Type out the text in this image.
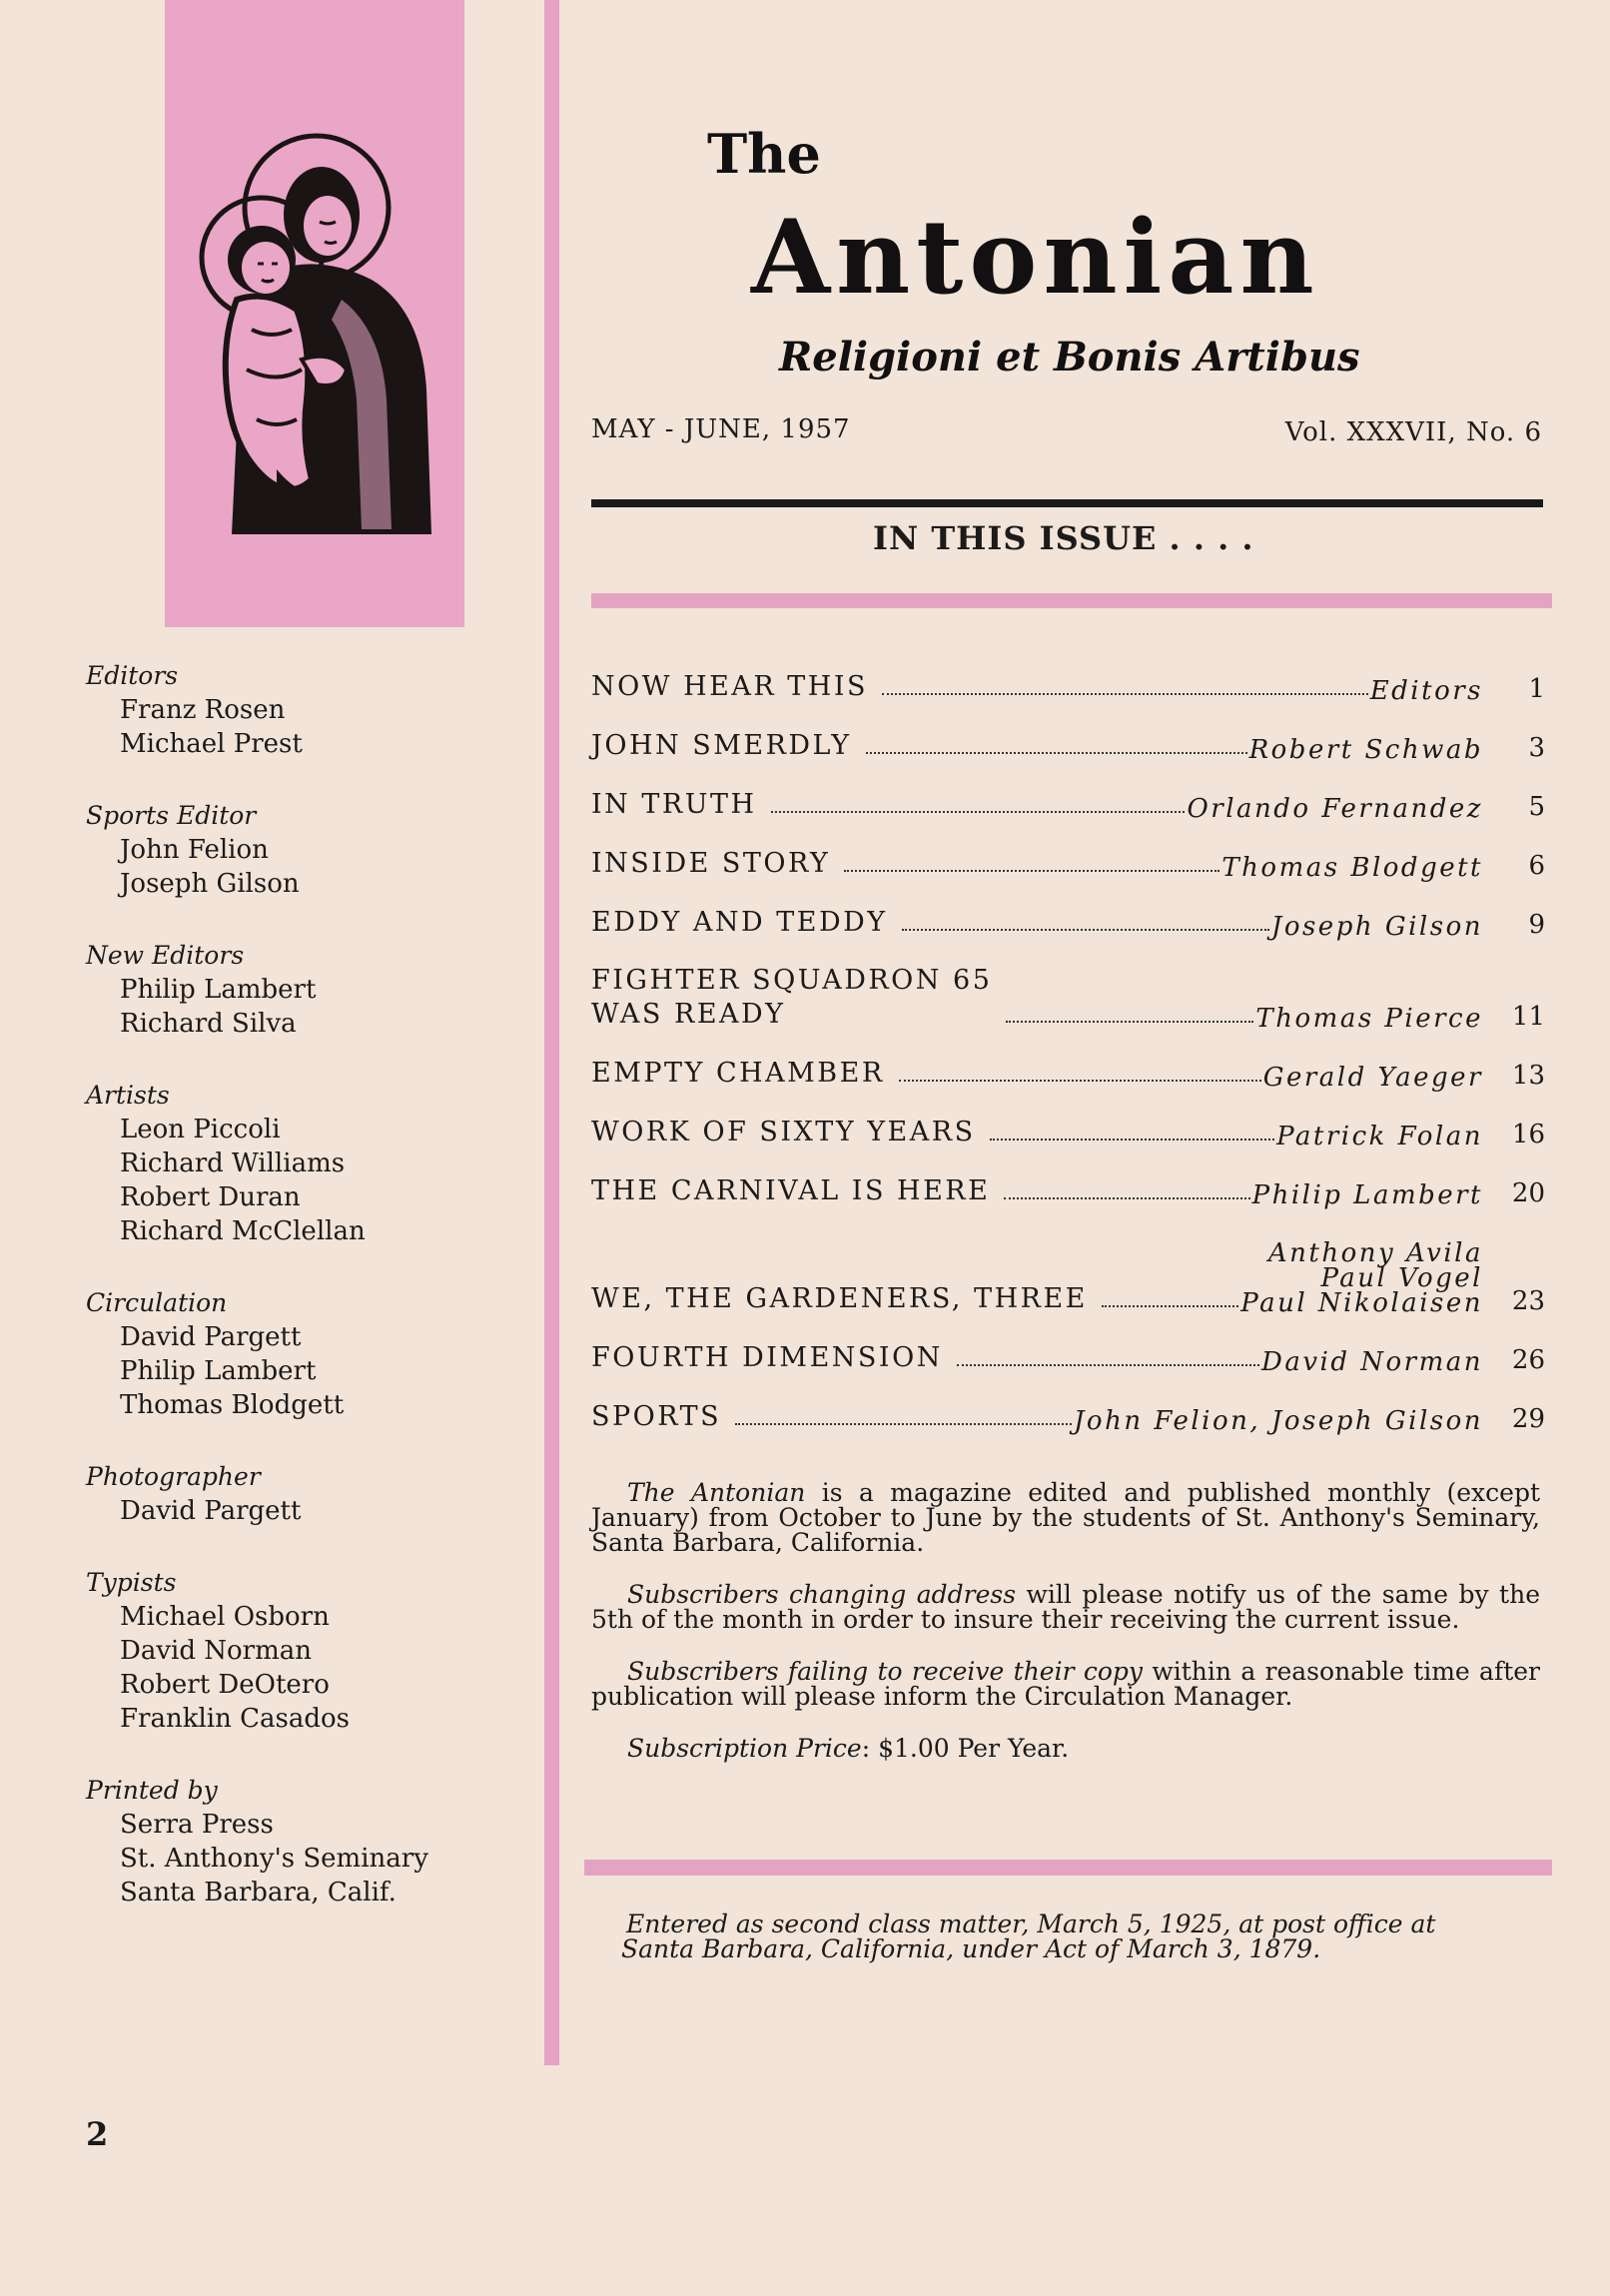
The
Antonian
Religioni et Bonis Artibus
MAY - JUNE, 1957	Vol. XXXVII, No. 6
IN THIS ISSUE . . . .
Editors
Franz Rosen
Michael Prest
Sports Editor
John Felion
Joseph Gilson
New Editors
Philip Lambert
Richard Silva
Artists
Leon Piccoli
Richard Williams
Robert Duran
Richard McClellan
Circulation
David Pargett
Philip Lambert
Thomas Blodgett
Photographer
David Pargett
Typists
Michael Osborn
David Norman
Robert DeOtero
Franklin Casados
Printed by
Serra Press
St. Anthony's Seminary
Santa Barbara, Calif.
NOW HEAR THIS	Editors	1
JOHN SMERDLY	Robert Schwab	3
IN TRUTH	Orlando Fernandez	5
INSIDE STORY	Thomas Blodgett	6
EDDY AND TEDDY	Joseph Gilson	9
FIGHTER SQUADRON 65
WAS READY	Thomas Pierce	11
EMPTY CHAMBER	Gerald Yaeger	13
WORK OF SIXTY YEARS	Patrick Folan	16
THE CARNIVAL IS HERE	Philip Lambert	20
WE, THE GARDENERS, THREE
Anthony Avila
Paul Vogel
Paul Nikolaisen	23
FOURTH DIMENSION	David Norman	26
SPORTS	John Felion, Joseph Gilson	29

The Antonian is a magazine edited and published monthly (except January) from October to June by the students of St. Anthony's Seminary, Santa Barbara, California.

Subscribers changing address will please notify us of the same by the 5th of the month in order to insure their receiving the current issue.

Subscribers failing to receive their copy within a reasonable time after publication will please inform the Circulation Manager.

Subscription Price: $1.00 Per Year.

Entered as second class matter, March 5, 1925, at post office at Santa Barbara, California, under Act of March 3, 1879.

2
